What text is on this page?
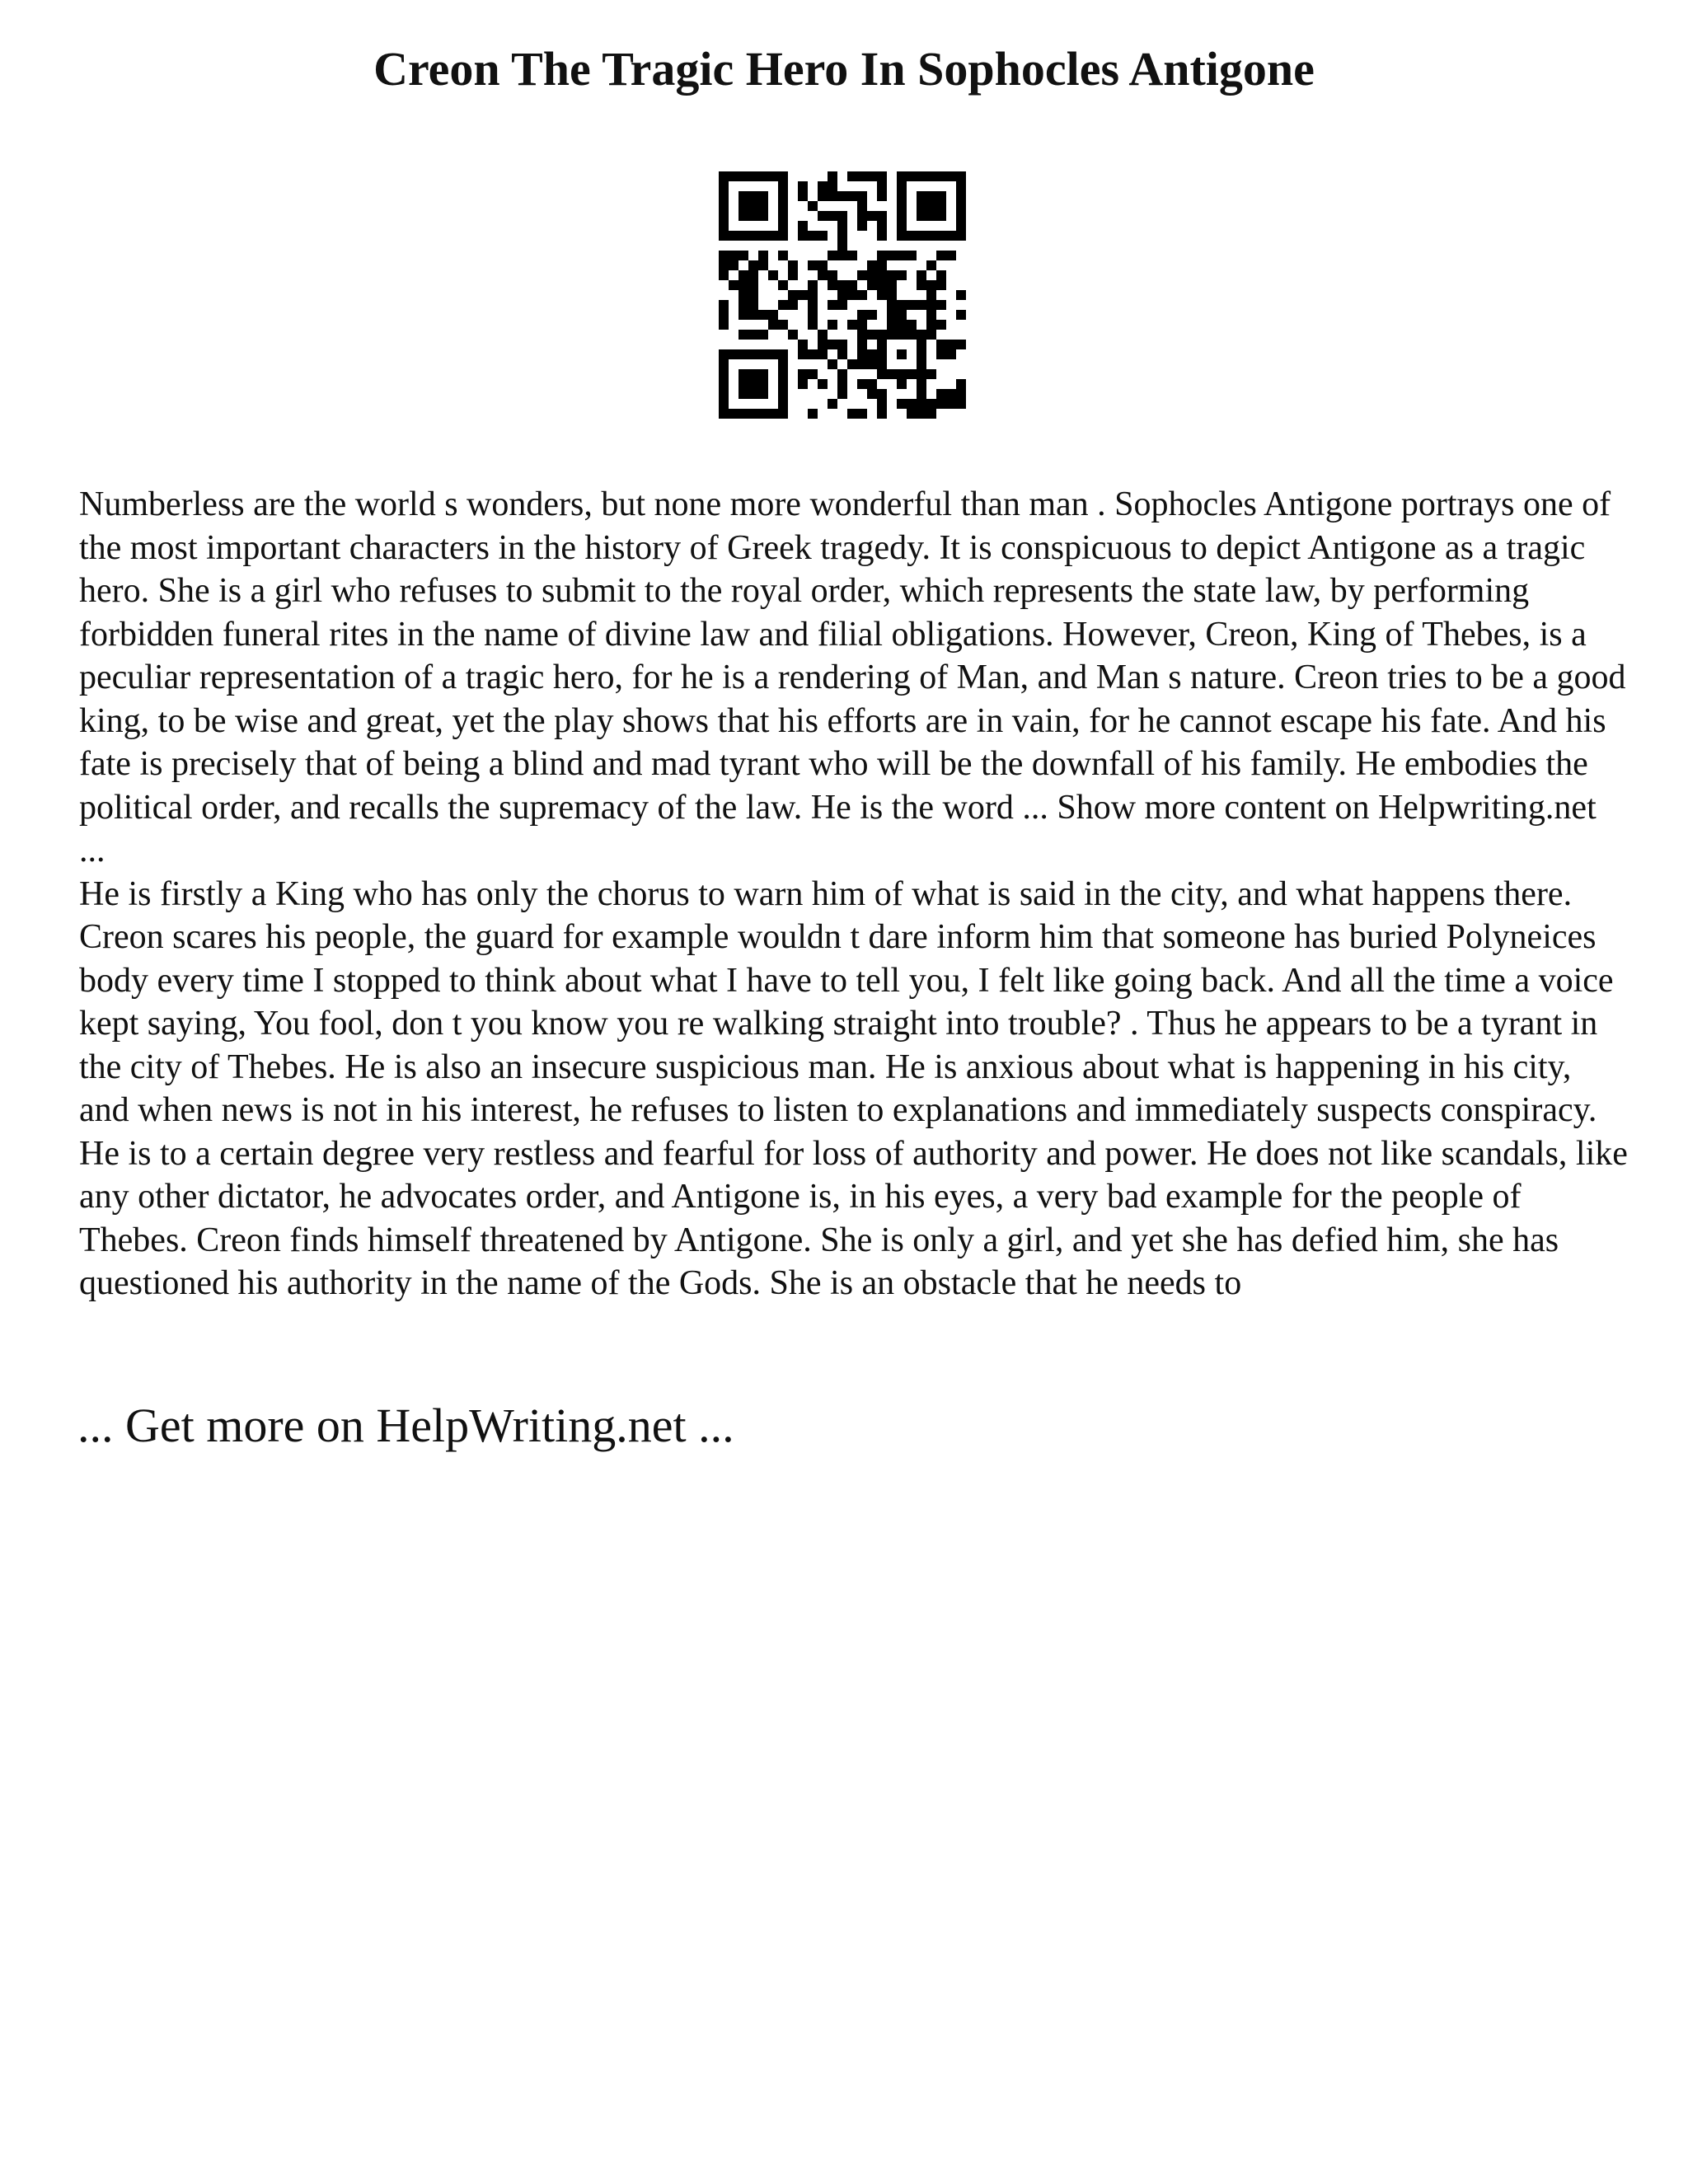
Creon The Tragic Hero In Sophocles Antigone

Numberless are the world s wonders, but none more wonderful than man . Sophocles Antigone portrays one of the most important characters in the history of Greek tragedy. It is conspicuous to depict Antigone as a tragic hero. She is a girl who refuses to submit to the royal order, which represents the state law, by performing forbidden funeral rites in the name of divine law and filial obligations. However, Creon, King of Thebes, is a peculiar representation of a tragic hero, for he is a rendering of Man, and Man s nature. Creon tries to be a good king, to be wise and great, yet the play shows that his efforts are in vain, for he cannot escape his fate. And his fate is precisely that of being a blind and mad tyrant who will be the downfall of his family. He embodies the political order, and recalls the supremacy of the law. He is the word ... Show more content on Helpwriting.net ...

He is firstly a King who has only the chorus to warn him of what is said in the city, and what happens there. Creon scares his people, the guard for example wouldn t dare inform him that someone has buried Polyneices body every time I stopped to think about what I have to tell you, I felt like going back. And all the time a voice kept saying, You fool, don t you know you re walking straight into trouble? . Thus he appears to be a tyrant in the city of Thebes. He is also an insecure suspicious man. He is anxious about what is happening in his city, and when news is not in his interest, he refuses to listen to explanations and immediately suspects conspiracy. He is to a certain degree very restless and fearful for loss of authority and power. He does not like scandals, like any other dictator, he advocates order, and Antigone is, in his eyes, a very bad example for the people of Thebes. Creon finds himself threatened by Antigone. She is only a girl, and yet she has defied him, she has questioned his authority in the name of the Gods. She is an obstacle that he needs to

... Get more on HelpWriting.net ...
